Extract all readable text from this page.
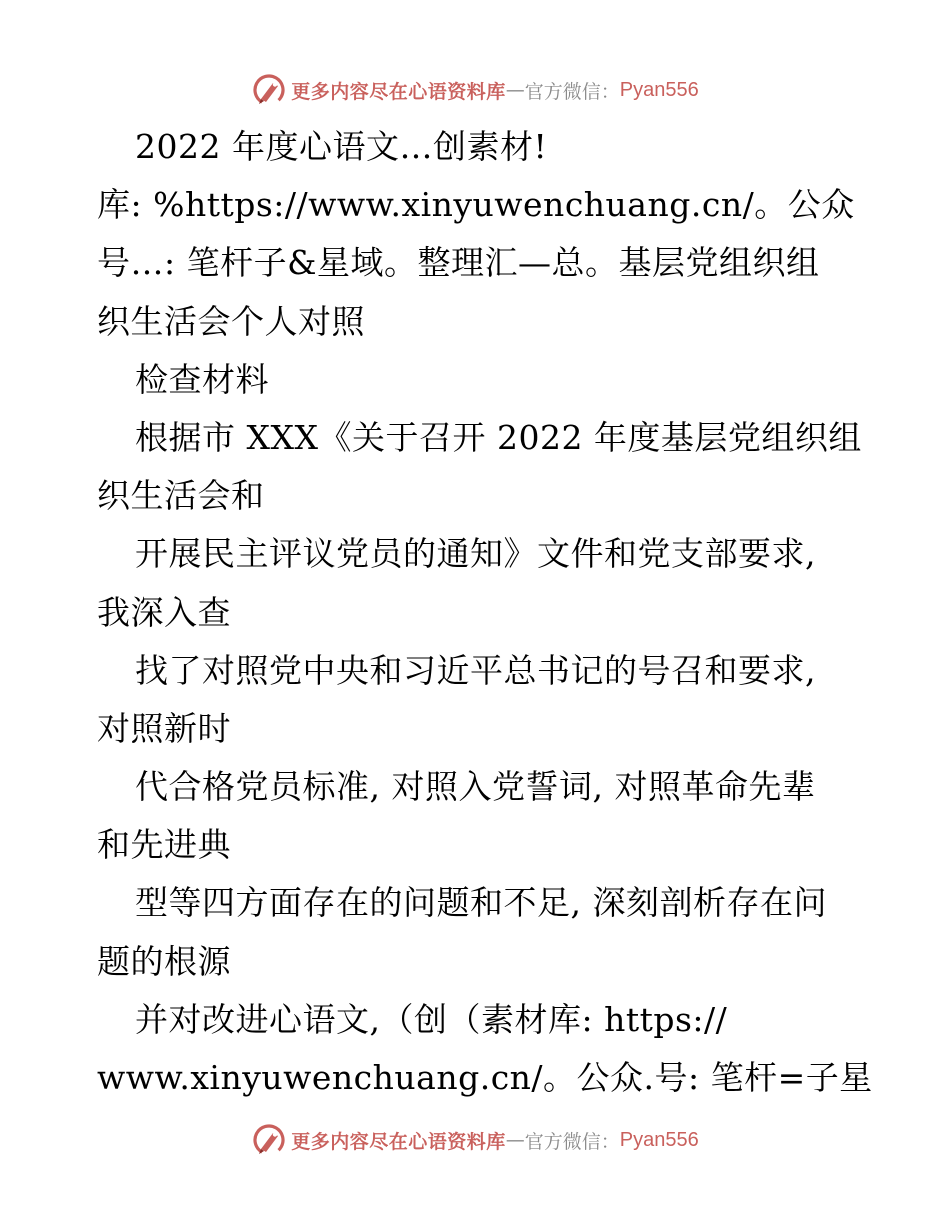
更多内容尽在心语资料库 — 官方微信： Pyan556
2022 年度心语文…创素材!
库: %https://www.xinyuwenchuang.cn/。公众
号…: 笔杆子&星域。整理汇—总。基层党组织组
织生活会个人对照
检查材料
根据市 XXX《关于召开 2022 年度基层党组织组
织生活会和
开展民主评议党员的通知》文件和党支部要求,
我深入查
找了对照党中央和习近平总书记的号召和要求,
对照新时
代合格党员标准, 对照入党誓词, 对照革命先辈
和先进典
型等四方面存在的问题和不足, 深刻剖析存在问
题的根源
并对改进心语文,（创（素材库: https://
www.xinyuwenchuang.cn/。公众.号: 笔杆=子星
更多内容尽在心语资料库 — 官方微信： Pyan556
